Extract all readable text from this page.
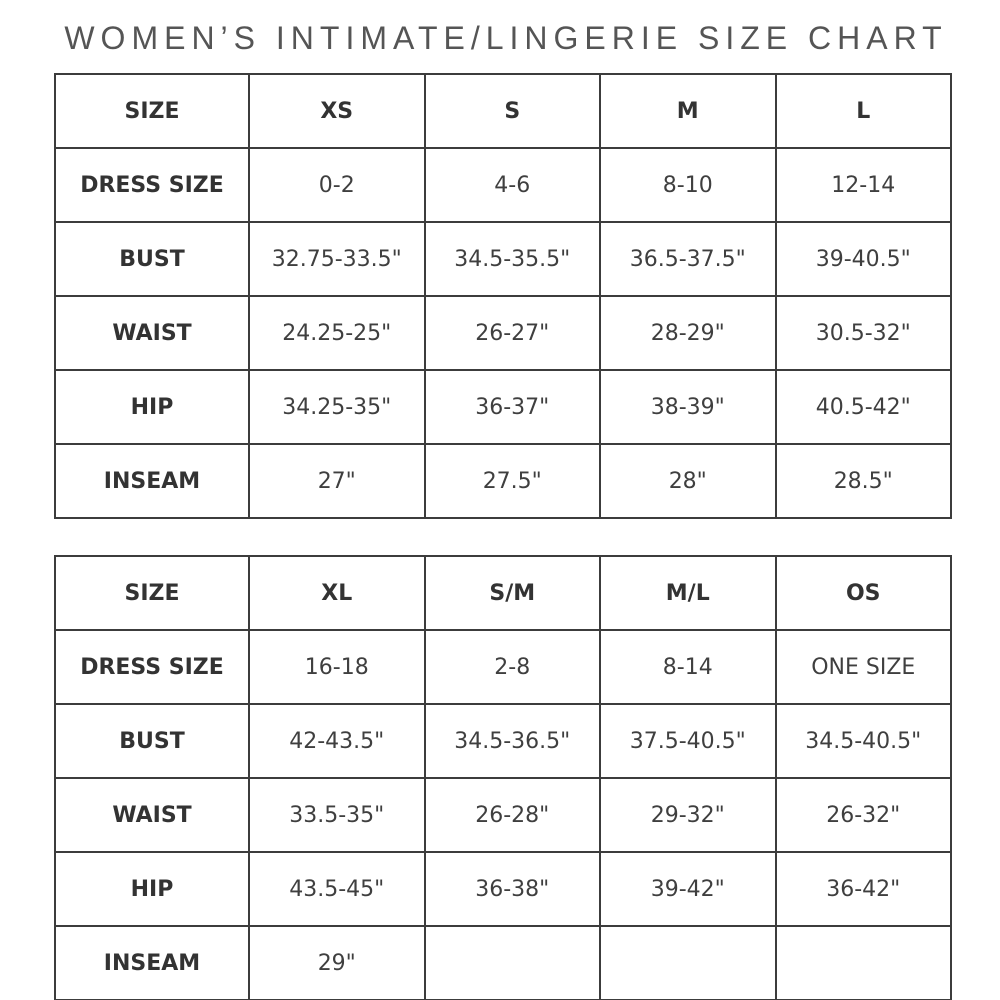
WOMEN’S INTIMATE/LINGERIE SIZE CHART
SIZE	XS	S	M	L
DRESS SIZE	0-2	4-6	8-10	12-14
BUST	32.75-33.5"	34.5-35.5"	36.5-37.5"	39-40.5"
WAIST	24.25-25"	26-27"	28-29"	30.5-32"
HIP	34.25-35"	36-37"	38-39"	40.5-42"
INSEAM	27"	27.5"	28"	28.5"
SIZE	XL	S/M	M/L	OS
DRESS SIZE	16-18	2-8	8-14	ONE SIZE
BUST	42-43.5"	34.5-36.5"	37.5-40.5"	34.5-40.5"
WAIST	33.5-35"	26-28"	29-32"	26-32"
HIP	43.5-45"	36-38"	39-42"	36-42"
INSEAM	29"			
